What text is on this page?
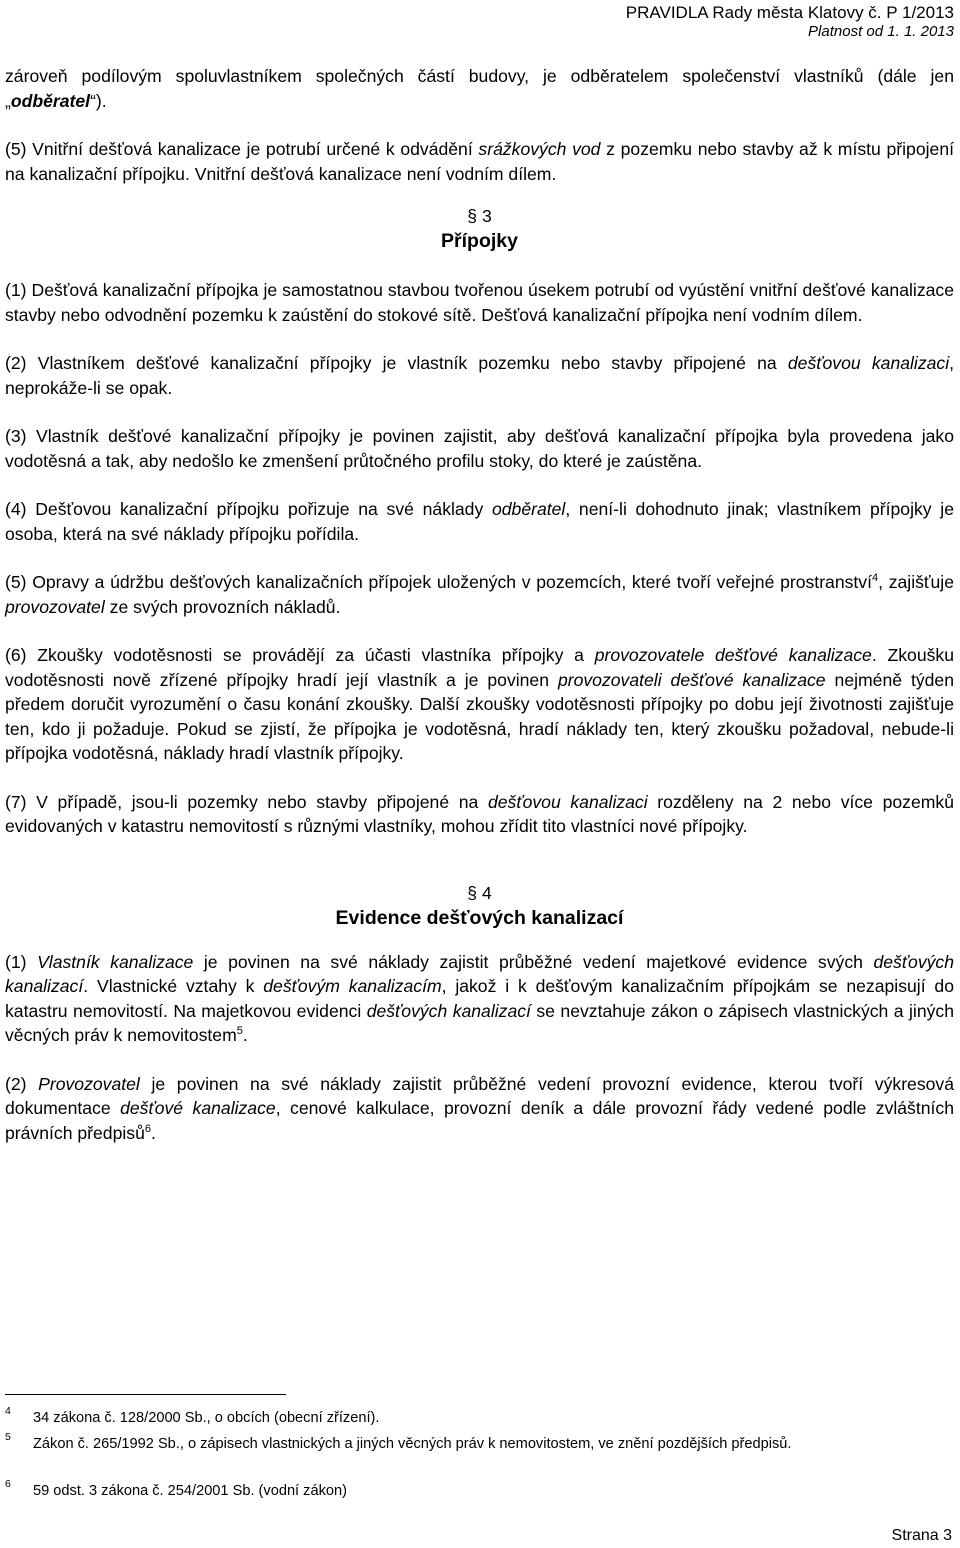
PRAVIDLA Rady města Klatovy č. P 1/2013
Platnost od 1. 1. 2013

zároveň podílovým spoluvlastníkem společných částí budovy, je odběratelem společenství vlastníků (dále jen „odběratel“).

(5) Vnitřní dešťová kanalizace je potrubí určené k odvádění srážkových vod z pozemku nebo stavby až k místu připojení na kanalizační přípojku. Vnitřní dešťová kanalizace není vodním dílem.

§ 3
Přípojky

(1) Dešťová kanalizační přípojka je samostatnou stavbou tvořenou úsekem potrubí od vyústění vnitřní dešťové kanalizace stavby nebo odvodnění pozemku k zaústění do stokové sítě. Dešťová kanalizační přípojka není vodním dílem.

(2) Vlastníkem dešťové kanalizační přípojky je vlastník pozemku nebo stavby připojené na dešťovou kanalizaci, neprokáže-li se opak.

(3) Vlastník dešťové kanalizační přípojky je povinen zajistit, aby dešťová kanalizační přípojka byla provedena jako vodotěsná a tak, aby nedošlo ke zmenšení průtočného profilu stoky, do které je zaústěna.

(4) Dešťovou kanalizační přípojku pořizuje na své náklady odběratel, není-li dohodnuto jinak; vlastníkem přípojky je osoba, která na své náklady přípojku pořídila.

(5) Opravy a údržbu dešťových kanalizačních přípojek uložených v pozemcích, které tvoří veřejné prostranství$^4$, zajišťuje provozovatel ze svých provozních nákladů.

(6) Zkoušky vodotěsnosti se provádějí za účasti vlastníka přípojky a provozovatele dešťové kanalizace. Zkoušku vodotěsnosti nově zřízené přípojky hradí její vlastník a je povinen provozovateli dešťové kanalizace nejméně týden předem doručit vyrozumění o času konání zkoušky. Další zkoušky vodotěsnosti přípojky po dobu její životnosti zajišťuje ten, kdo ji požaduje. Pokud se zjistí, že přípojka je vodotěsná, hradí náklady ten, který zkoušku požadoval, nebude-li přípojka vodotěsná, náklady hradí vlastník přípojky.

(7) V případě, jsou-li pozemky nebo stavby připojené na dešťovou kanalizaci rozděleny na 2 nebo více pozemků evidovaných v katastru nemovitostí s různými vlastníky, mohou zřídit tito vlastníci nové přípojky.

§ 4
Evidence dešťových kanalizací

(1) Vlastník kanalizace je povinen na své náklady zajistit průběžné vedení majetkové evidence svých dešťových kanalizací. Vlastnické vztahy k dešťovým kanalizacím, jakož i k dešťovým kanalizačním přípojkám se nezapisují do katastru nemovitostí. Na majetkovou evidenci dešťových kanalizací se nevztahuje zákon o zápisech vlastnických a jiných věcných práv k nemovitostem$^5$.

(2) Provozovatel je povinen na své náklady zajistit průběžné vedení provozní evidence, kterou tvoří výkresová dokumentace dešťové kanalizace, cenové kalkulace, provozní deník a dále provozní řády vedené podle zvláštních právních předpisů$^6$.

4 34 zákona č. 128/2000 Sb., o obcích (obecní zřízení).
5 Zákon č. 265/1992 Sb., o zápisech vlastnických a jiných věcných práv k nemovitostem, ve znění pozdějších předpisů.
6 59 odst. 3 zákona č. 254/2001 Sb. (vodní zákon)
Strana 3
